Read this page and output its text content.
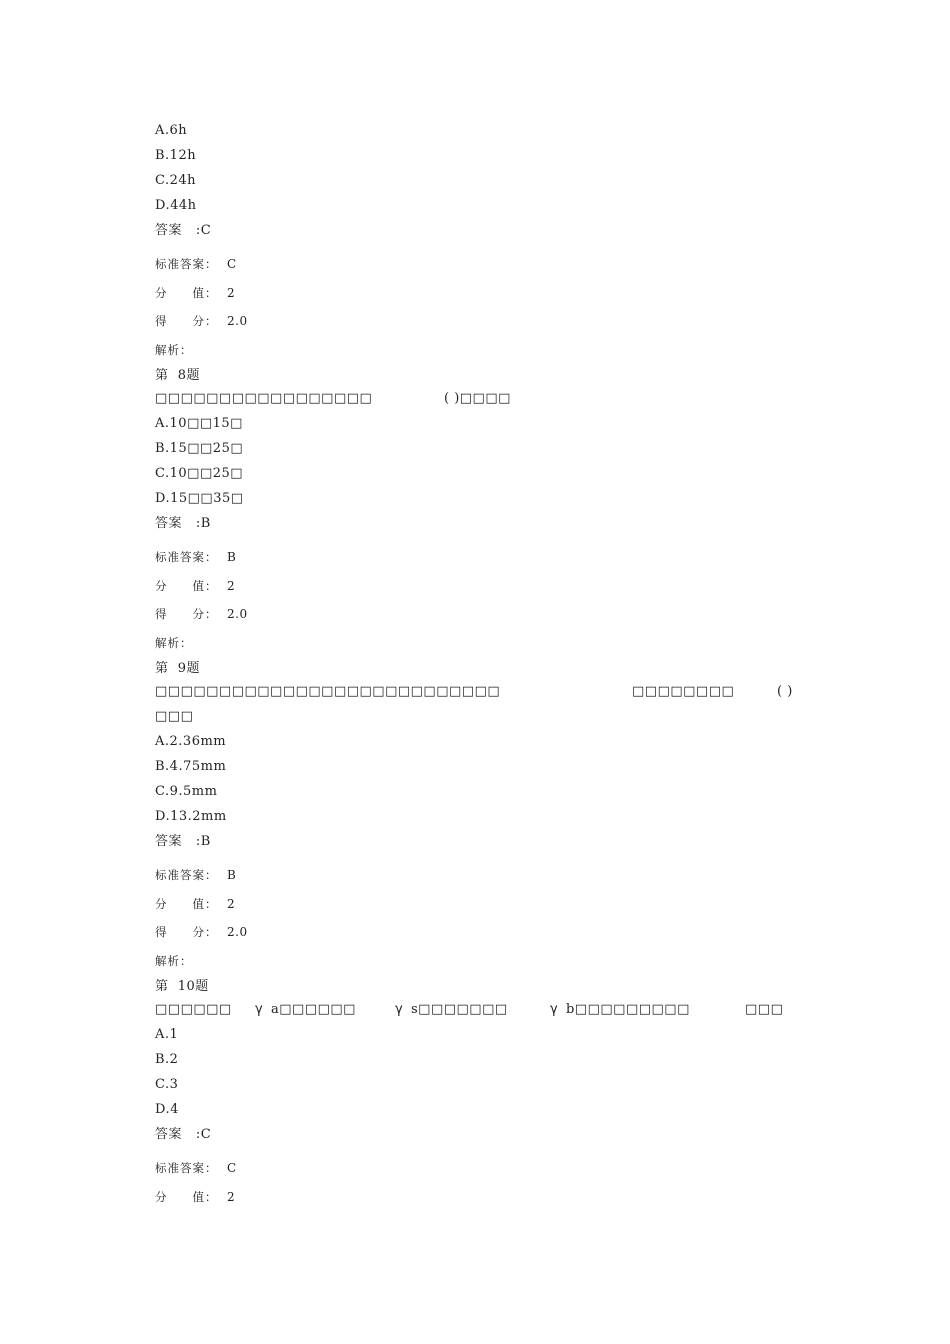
A.6h
B.12h
C.24h
D.44h
答案   :C
标准答案： C
分　　值： 2
得　　分： 2.0
解析：
第  8题
□□□□□□□□□□□□□□□□□	( )□□□□
A.10□□15□
B.15□□25□
C.10□□25□
D.15□□35□
答案   :B
标准答案： B
分　　值： 2
得　　分： 2.0
解析：
第  9题
□□□□□□□□□□□□□□□□□□□□□□□□□□□	□□□□□□□□	( )
□□□
A.2.36mm
B.4.75mm
C.9.5mm
D.13.2mm
答案   :B
标准答案： B
分　　值： 2
得　　分： 2.0
解析：
第  10题
□□□□□□ γ a□□□□□□	γ s□□□□□□□	γ b□□□□□□□□□	□□□
A.1
B.2
C.3
D.4
答案   :C
标准答案： C
分　　值： 2
